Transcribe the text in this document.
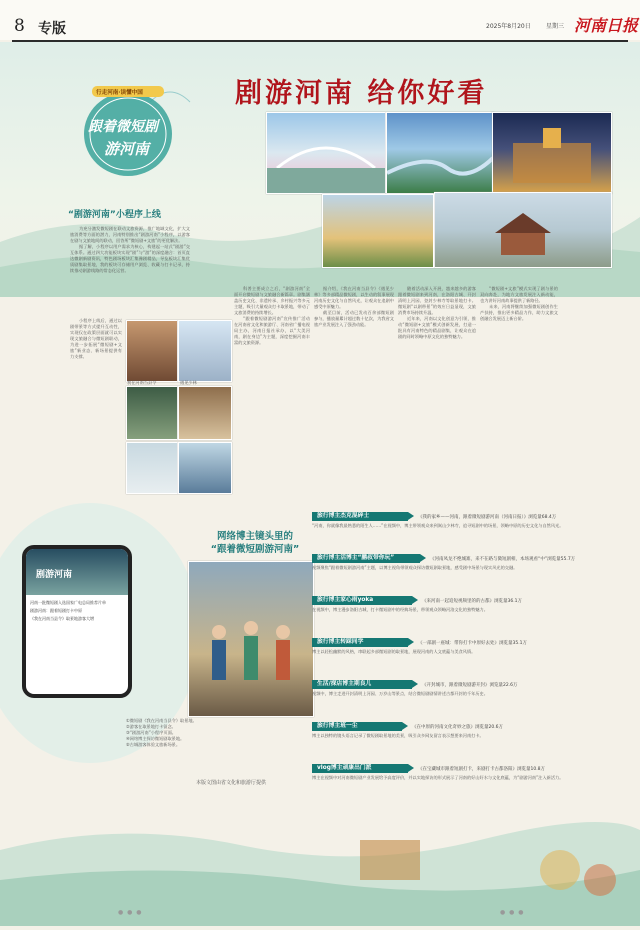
8 专版	2025年8月20日	星期三 河南日报
剧游河南 给你好看
行走河南·读懂中国
跟着微短剧
游河南
“剧游河南”小程序上线

为充分激发微短剧在联动文旅资源，推广地域文化，扩大文旅消费等方面的潜力，河南特别推出“剧游河南”小程序，以游客在剧与文旅地间的联动，回答所“微短剧+文旅”的更优解法。

据了解，小程序以用户需求为核心，构建起一站式“剧游”交互体系。通过四大功能板块实现“剧”与“游”的深度融合：首页直达微剧新剧资讯，特色剧场板块汇集豫剧精品，导览板块汇集优质剧集取景地，我的板块可存储用户浏览、收藏与打卡记录，持续推动剧游线路的常态化运营。

小程序上线后，通过以剧带景等方式提升互动性，实现仅在政策层面就可以实现文旅融合与微短剧联动，为进一步拓展“微短剧+文旅”新业态、新场景提供有力支撑。

我在河南当县令	遇见少林

科普主要成立之后，“剧游河南”全面开启微短剧与文旅融合新篇章。剧集涵盖历史文化、非遗传承、乡村振兴等多元主题，吸引大量观众打卡取景地，带动了文旅消费的持续增长。

“跟着微短剧游河南”宣传推广活动在河南省文化和旅游厅、河南省广播电视局主办，河南日报社承办，以“大美河南，剧在身边”为主题，深度挖掘河南丰富的文旅资源。

据介绍，《我在河南当县令》《遇见少林》等多部精品微短剧，以生动的叙事展现河南历史文化与自然风光，让观众在追剧中感受中原魅力。

截至目前，活动已发动百余部微短剧参与，播放量累计超过数十亿次，为我省文旅产业发展注入了强劲动能。

随着活动深入开展，越来越多的游客跟着微短剧来到河南，在洛阳古城、开封清明上河园、登封少林寺等取景地打卡。微短剧“以剧带景”的效应日益显现，文旅消费市场持续升温。

近年来，河南以文化创意为引领，推动“微短剧+文旅”模式创新发展，打造一批具有河南特色的精品剧集，让观众在追剧的同时领略中原文化的独特魅力。

“微短剧+文旅”模式实现了剧与景的双向奔赴，为地方文旅发展注入新动能，也为讲好河南故事提供了新路径。

未来，河南将继续加强微短剧创作生产扶持，推出更多精品力作，助力文旅文创融合发展迈上新台阶。

网络博主镜头里的
“跟着微短剧游河南”
剧游河南
河南一批微短剧入选国家广电总局推荐片单
剧游河南：跟着短剧打卡中原
《我在河南当县令》取景地游客大增
①微短剧《我在河南当县令》取景地。
②游客在取景地打卡留念。
③“剧游河南”小程序页面。
④网络博主探访微短剧取景地。
⑤古城游客体验文旅新场景。
本版文图由省文化和旅游厅提供
旅行博主杰克混碎士	《我的家乡——河南，跟着微短剧游河南（河南日报）》浏览量68.4万
“河南，你就像我最熟悉的陌生人……”在视频中，博主带领观众来到嵩山少林寺，追寻短剧中的场景，领略中原的历史文化与自然风光。
旅行博主活博主“鹏叔带你玩”	《河南凤龙不绝城寨，来不在路与微短剧相，本场观看“中”浏览量55.7万
视频聚焦“跟着微短剧游河南”主题，以博主视角带领观众探访微短剧取景地，感受剧中场景与现实风光的交融。
旅行博主家心雨yoka	《来河南一起追短视频里的的古都》浏览量36.1万
在视频中，博主漫步洛阳古城，打卡微短剧中的经典场景，带领观众领略河洛文化的独特魅力。
旅行博主转踩同学	《一部剧一座城：带你打卡中原好去处》浏览量35.1万
博主以轻松幽默的风格，串联起多部微短剧的取景地，展现河南的人文底蕴与美食风情。
生活/探店博主期良儿	《开封城市，跟着微短剧游开封》浏览量22.6万
视频中，博主走进开封清明上河园、万岁山等景点，结合微短剧剧情讲述古都开封的千年历史。
旅行博主班一尘	《在中原的河南文化奇妙之旅》浏览量20.6万
博主以独特的镜头语言记录了微短剧取景地的美景，吸引众多网友留言表示想要来河南打卡。
vlog博主顽康出门派	《在宝藏城市跟着短剧打卡，来剧打卡古都洛阳》浏览量10.8万
博主在视频中对河南微短剧产业发展给予高度评价，并以实地探访的形式展示了河南的好山好水与文化底蕴，为“剧游河南”注入新活力。
● ● ●	● ● ●
